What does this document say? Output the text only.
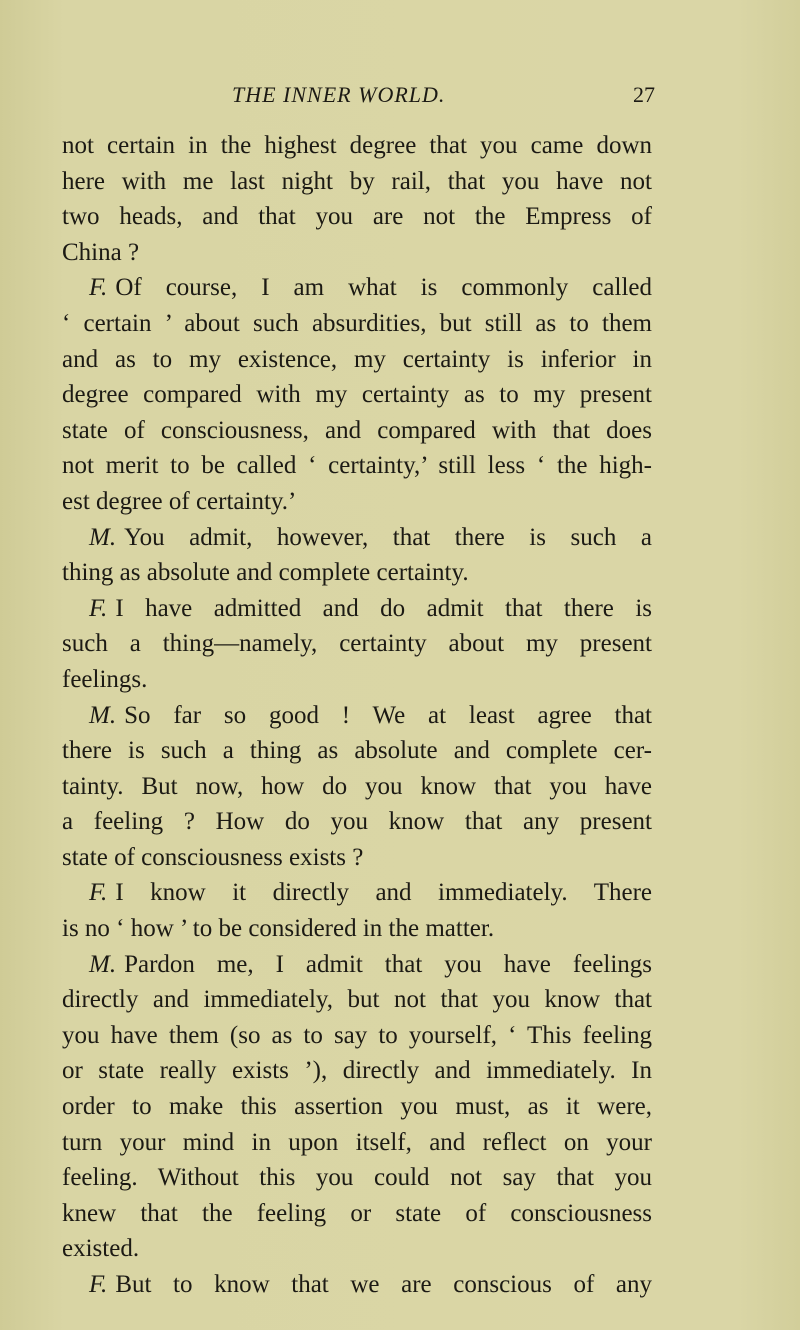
THE INNER WORLD.	27
not certain in the highest degree that you came down
here with me last night by rail, that you have not
two heads, and that you are not the Empress of
China ?
F. Of course, I am what is commonly called
‘ certain ’ about such absurdities, but still as to them
and as to my existence, my certainty is inferior in
degree compared with my certainty as to my present
state of consciousness, and compared with that does
not merit to be called ‘ certainty,’ still less ‘ the high-
est degree of certainty.’
M. You admit, however, that there is such a
thing as absolute and complete certainty.
F. I have admitted and do admit that there is
such a thing—namely, certainty about my present
feelings.
M. So far so good ! We at least agree that
there is such a thing as absolute and complete cer-
tainty. But now, how do you know that you have
a feeling ? How do you know that any present
state of consciousness exists ?
F. I know it directly and immediately. There
is no ‘ how ’ to be considered in the matter.
M. Pardon me, I admit that you have feelings
directly and immediately, but not that you know that
you have them (so as to say to yourself, ‘ This feeling
or state really exists ’), directly and immediately. In
order to make this assertion you must, as it were,
turn your mind in upon itself, and reflect on your
feeling. Without this you could not say that you
knew that the feeling or state of consciousness
existed.
F. But to know that we are conscious of any
